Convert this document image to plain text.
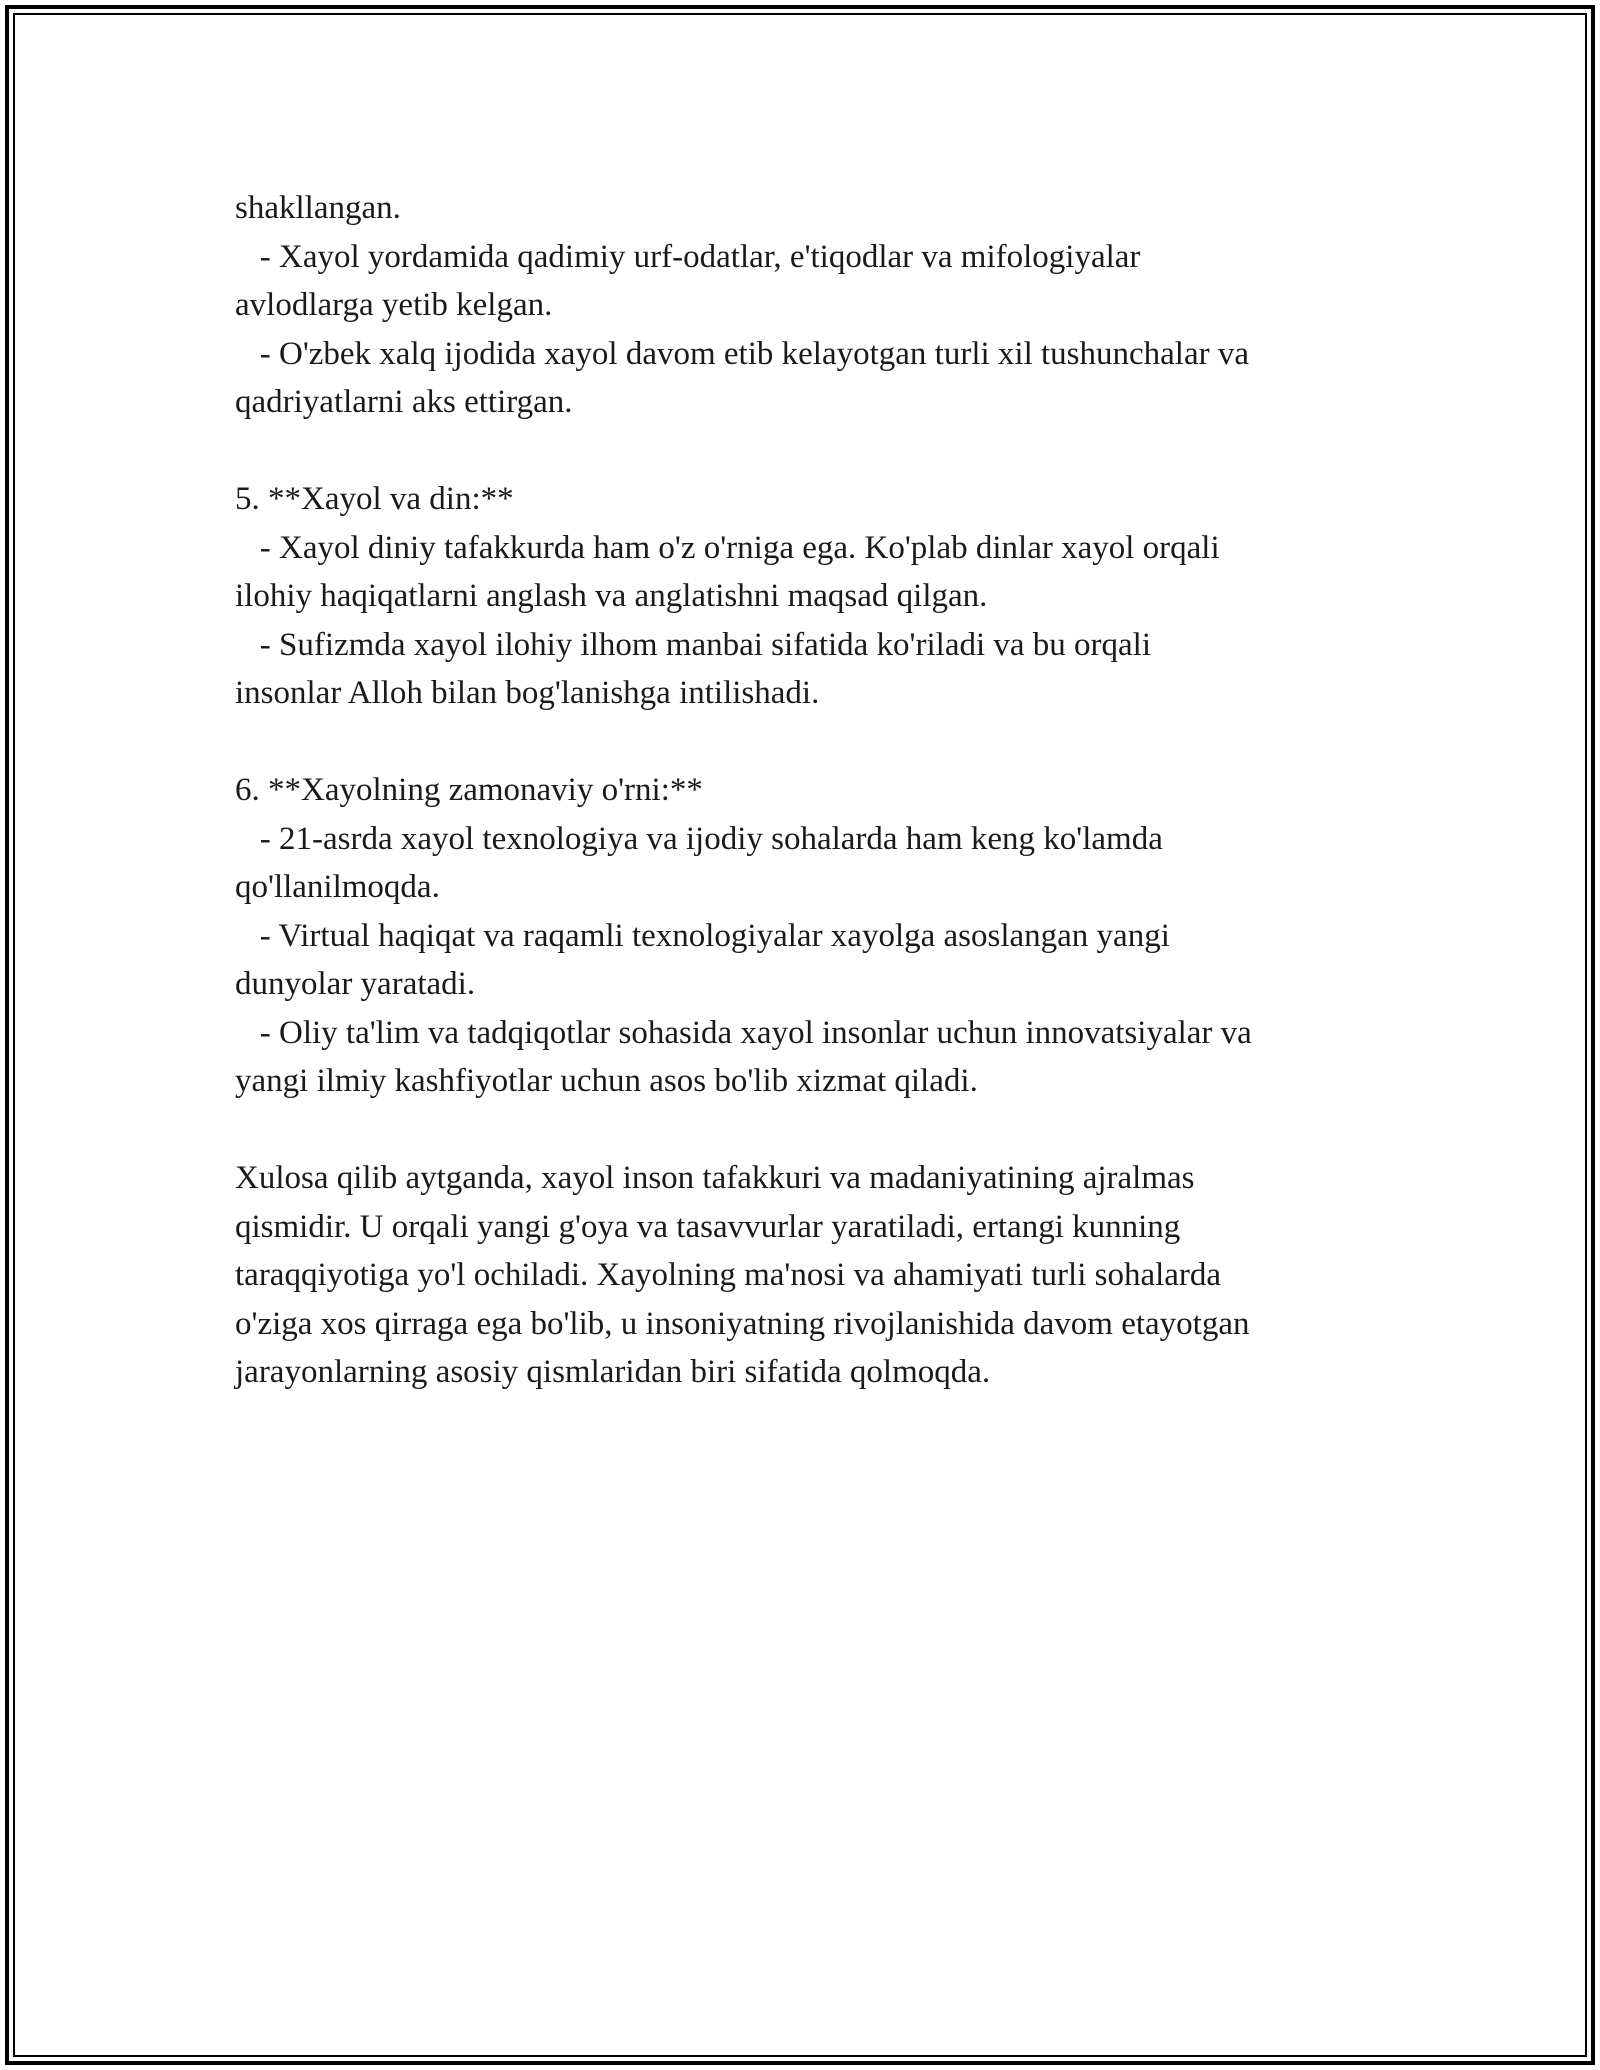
shakllangan.
- Xayol yordamida qadimiy urf-odatlar, e'tiqodlar va mifologiyalar
avlodlarga yetib kelgan.
- O'zbek xalq ijodida xayol davom etib kelayotgan turli xil tushunchalar va
qadriyatlarni aks ettirgan.
5. **Xayol va din:**
- Xayol diniy tafakkurda ham o'z o'rniga ega. Ko'plab dinlar xayol orqali
ilohiy haqiqatlarni anglash va anglatishni maqsad qilgan.
- Sufizmda xayol ilohiy ilhom manbai sifatida ko'riladi va bu orqali
insonlar Alloh bilan bog'lanishga intilishadi.
6. **Xayolning zamonaviy o'rni:**
- 21-asrda xayol texnologiya va ijodiy sohalarda ham keng ko'lamda
qo'llanilmoqda.
- Virtual haqiqat va raqamli texnologiyalar xayolga asoslangan yangi
dunyolar yaratadi.
- Oliy ta'lim va tadqiqotlar sohasida xayol insonlar uchun innovatsiyalar va
yangi ilmiy kashfiyotlar uchun asos bo'lib xizmat qiladi.
Xulosa qilib aytganda, xayol inson tafakkuri va madaniyatining ajralmas
qismidir. U orqali yangi g'oya va tasavvurlar yaratiladi, ertangi kunning
taraqqiyotiga yo'l ochiladi. Xayolning ma'nosi va ahamiyati turli sohalarda
o'ziga xos qirraga ega bo'lib, u insoniyatning rivojlanishida davom etayotgan
jarayonlarning asosiy qismlaridan biri sifatida qolmoqda.
